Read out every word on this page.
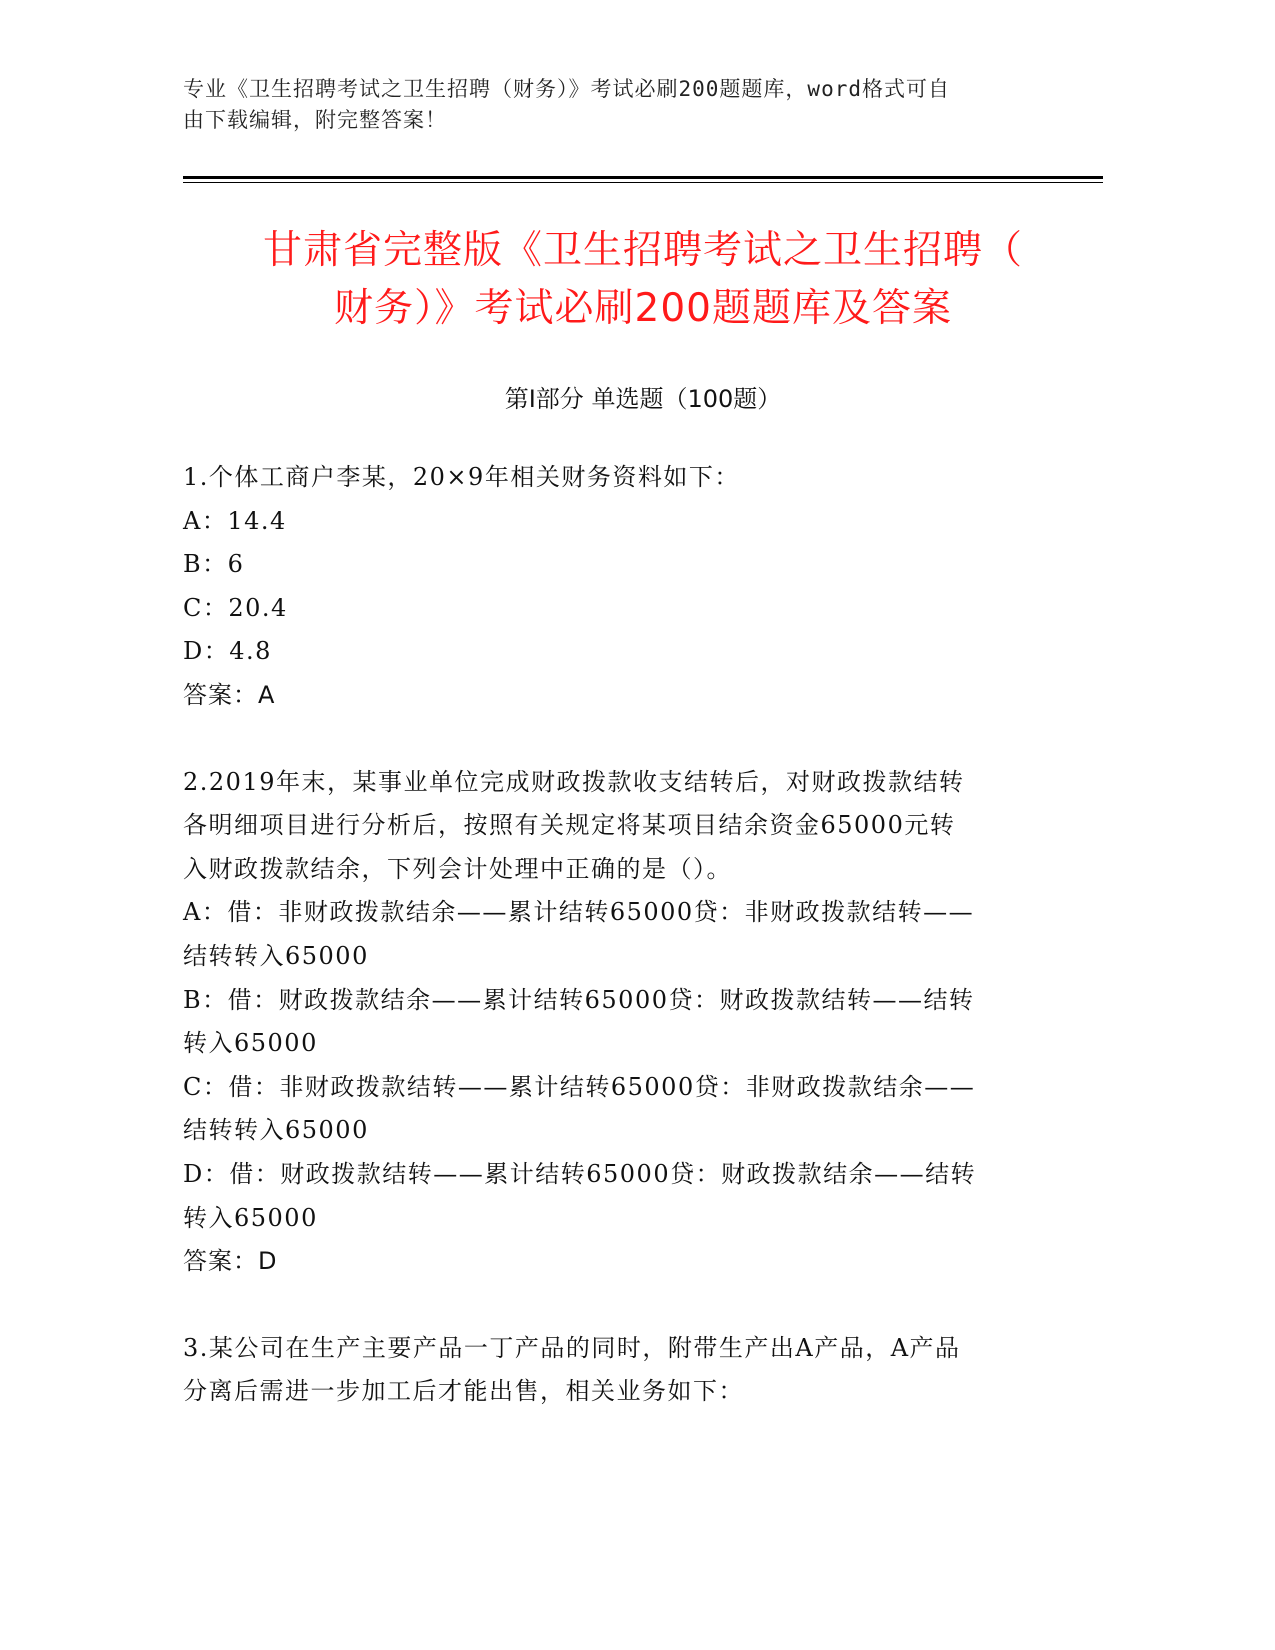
专业《卫生招聘考试之卫生招聘（财务）》考试必刷200题题库，word格式可自
由下载编辑，附完整答案！
甘肃省完整版《卫生招聘考试之卫生招聘（
财务）》考试必刷200题题库及答案
第Ⅰ部分 单选题（100题）
1.个体工商户李某，20×9年相关财务资料如下：
A：14.4
B：6
C：20.4
D：4.8
答案：A
2.2019年末，某事业单位完成财政拨款收支结转后，对财政拨款结转
各明细项目进行分析后，按照有关规定将某项目结余资金65000元转
入财政拨款结余，下列会计处理中正确的是（）。
A：借：非财政拨款结余——累计结转65000贷：非财政拨款结转——
结转转入65000
B：借：财政拨款结余——累计结转65000贷：财政拨款结转——结转
转入65000
C：借：非财政拨款结转——累计结转65000贷：非财政拨款结余——
结转转入65000
D：借：财政拨款结转——累计结转65000贷：财政拨款结余——结转
转入65000
答案：D
3.某公司在生产主要产品一丁产品的同时，附带生产出A产品，A产品
分离后需进一步加工后才能出售，相关业务如下：
